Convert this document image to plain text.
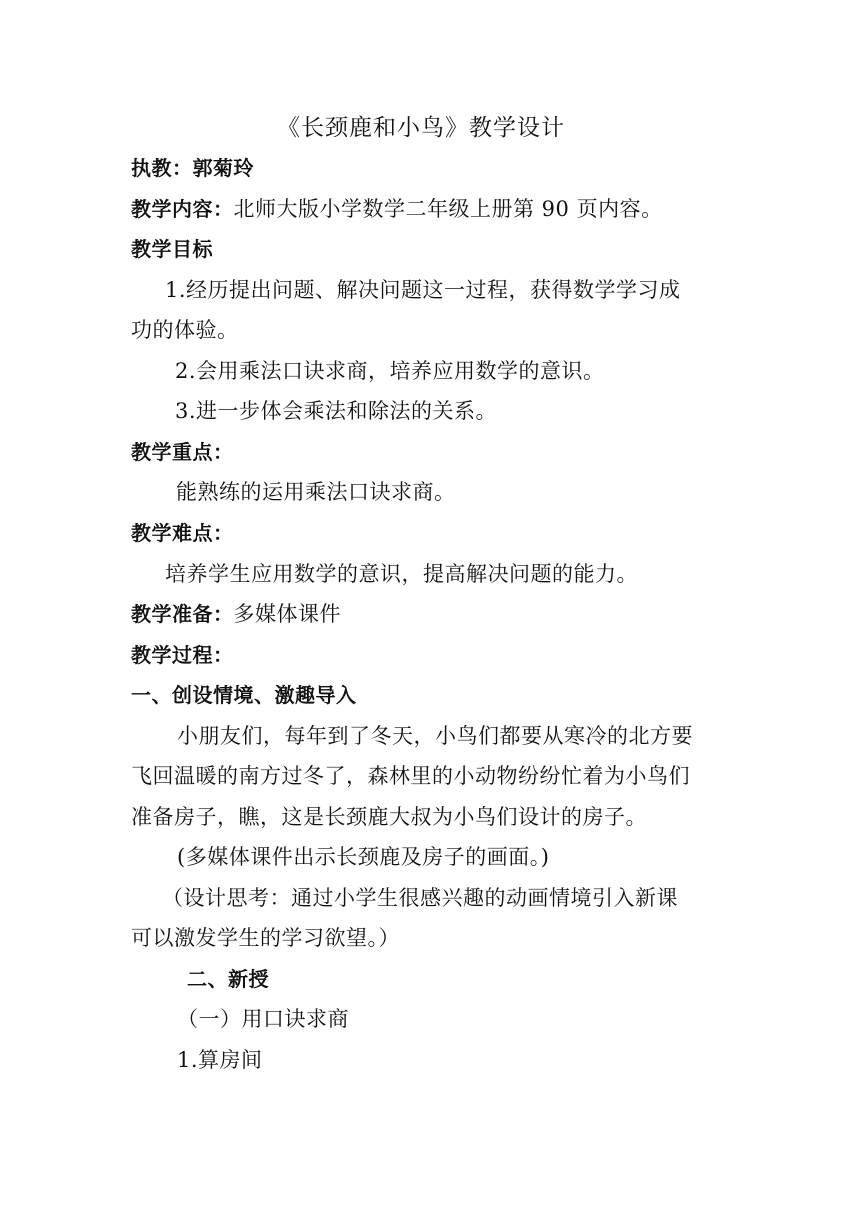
《长颈鹿和小鸟》教学设计
执教：郭菊玲
教学内容：北师大版小学数学二年级上册第 90 页内容。
教学目标
1.经历提出问题、解决问题这一过程，获得数学学习成
功的体验。
2.会用乘法口诀求商，培养应用数学的意识。
3.进一步体会乘法和除法的关系。
教学重点：
能熟练的运用乘法口诀求商。
教学难点：
培养学生应用数学的意识，提高解决问题的能力。
教学准备：多媒体课件
教学过程：
一、创设情境、激趣导入
小朋友们，每年到了冬天，小鸟们都要从寒冷的北方要
飞回温暖的南方过冬了，森林里的小动物纷纷忙着为小鸟们
准备房子，瞧，这是长颈鹿大叔为小鸟们设计的房子。
(多媒体课件出示长颈鹿及房子的画面。)
（设计思考：通过小学生很感兴趣的动画情境引入新课
可以激发学生的学习欲望。）
二、新授
（一）用口诀求商
1.算房间
